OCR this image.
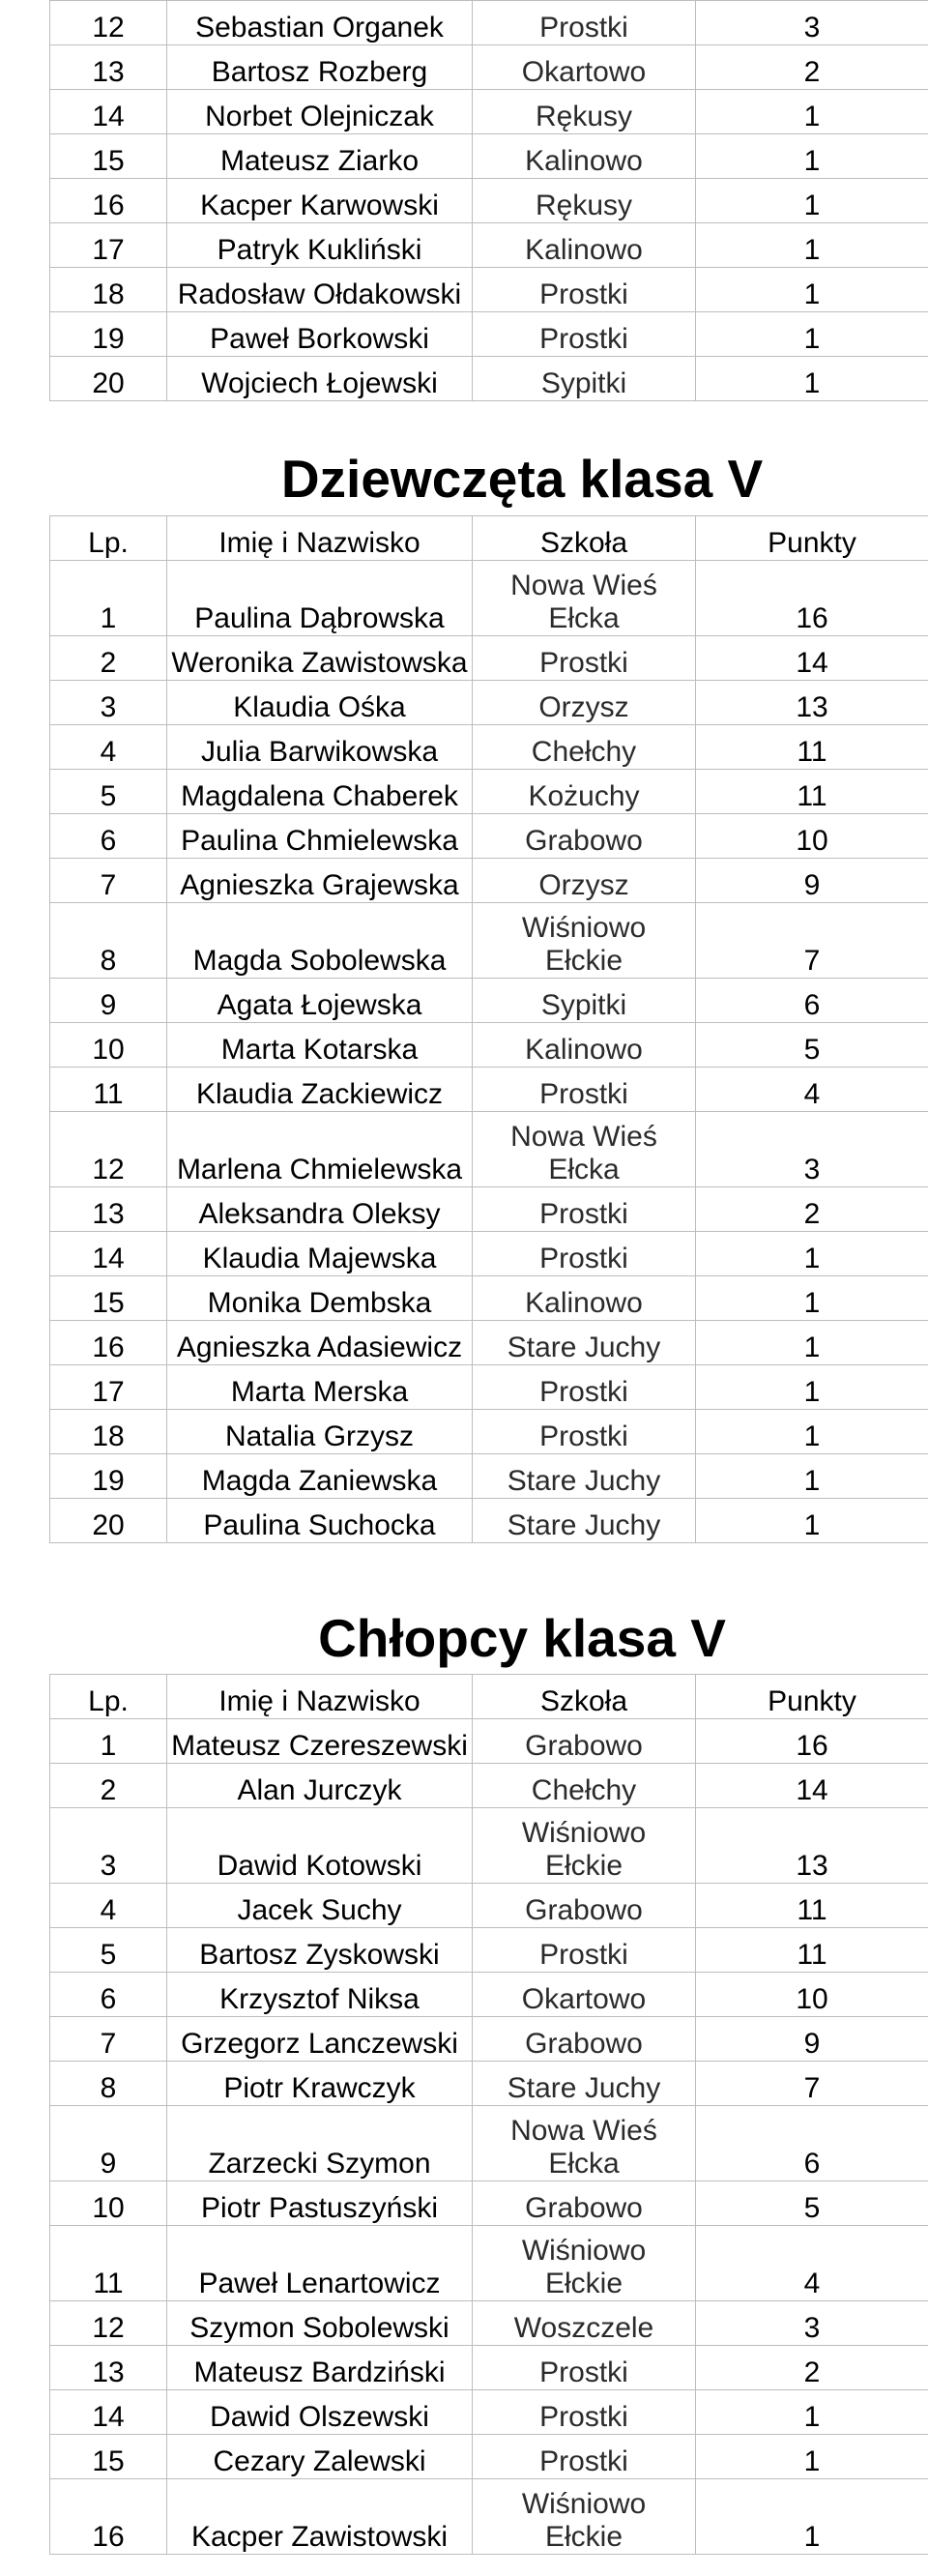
12	Sebastian Organek	Prostki	3
13	Bartosz Rozberg	Okartowo	2
14	Norbet Olejniczak	Rękusy	1
15	Mateusz Ziarko	Kalinowo	1
16	Kacper Karwowski	Rękusy	1
17	Patryk Kukliński	Kalinowo	1
18	Radosław Ołdakowski	Prostki	1
19	Paweł Borkowski	Prostki	1
20	Wojciech Łojewski	Sypitki	1
Dziewczęta klasa V
Lp.	Imię i Nazwisko	Szkoła	Punkty
1	Paulina Dąbrowska	Nowa Wieś
Ełcka	16
2	Weronika Zawistowska	Prostki	14
3	Klaudia Ośka	Orzysz	13
4	Julia Barwikowska	Chełchy	11
5	Magdalena Chaberek	Kożuchy	11
6	Paulina Chmielewska	Grabowo	10
7	Agnieszka Grajewska	Orzysz	9
8	Magda Sobolewska	Wiśniowo
Ełckie	7
9	Agata Łojewska	Sypitki	6
10	Marta Kotarska	Kalinowo	5
11	Klaudia Zackiewicz	Prostki	4
12	Marlena Chmielewska	Nowa Wieś
Ełcka	3
13	Aleksandra Oleksy	Prostki	2
14	Klaudia Majewska	Prostki	1
15	Monika Dembska	Kalinowo	1
16	Agnieszka Adasiewicz	Stare Juchy	1
17	Marta Merska	Prostki	1
18	Natalia Grzysz	Prostki	1
19	Magda Zaniewska	Stare Juchy	1
20	Paulina Suchocka	Stare Juchy	1
Chłopcy klasa V
Lp.	Imię i Nazwisko	Szkoła	Punkty
1	Mateusz Czereszewski	Grabowo	16
2	Alan Jurczyk	Chełchy	14
3	Dawid Kotowski	Wiśniowo
Ełckie	13
4	Jacek Suchy	Grabowo	11
5	Bartosz Zyskowski	Prostki	11
6	Krzysztof Niksa	Okartowo	10
7	Grzegorz Lanczewski	Grabowo	9
8	Piotr Krawczyk	Stare Juchy	7
9	Zarzecki Szymon	Nowa Wieś
Ełcka	6
10	Piotr Pastuszyński	Grabowo	5
11	Paweł Lenartowicz	Wiśniowo
Ełckie	4
12	Szymon Sobolewski	Woszczele	3
13	Mateusz Bardziński	Prostki	2
14	Dawid Olszewski	Prostki	1
15	Cezary Zalewski	Prostki	1
16	Kacper Zawistowski	Wiśniowo
Ełckie	1
